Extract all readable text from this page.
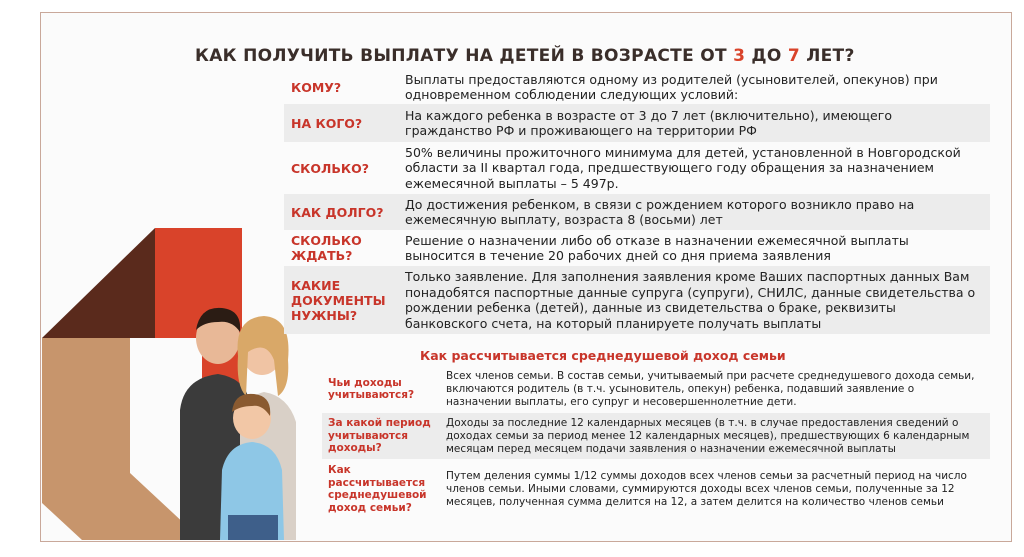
КАК ПОЛУЧИТЬ ВЫПЛАТУ НА ДЕТЕЙ В ВОЗРАСТЕ ОТ 3 ДО 7 ЛЕТ?
КОМУ?
Выплаты предоставляются одному из родителей (усыновителей, опекунов) при одновременном соблюдении следующих условий:
НА КОГО?
На каждого ребенка в возрасте от 3 до 7 лет (включительно), имеющего гражданство РФ и проживающего на территории РФ
СКОЛЬКО?
50% величины прожиточного минимума для детей, установленной в Новгородской области за II квартал года, предшествующего году обращения за назначением ежемесячной выплаты – 5 497р.
КАК ДОЛГО?
До достижения ребенком, в связи с рождением которого возникло право на ежемесячную выплату, возраста 8 (восьми) лет
СКОЛЬКО ЖДАТЬ?
Решение о назначении либо об отказе в назначении ежемесячной выплаты выносится в течение 20 рабочих дней со дня приема заявления
КАКИЕ ДОКУМЕНТЫ НУЖНЫ?
Только заявление. Для заполнения заявления кроме Ваших паспортных данных Вам понадобятся паспортные данные супруга (супруги), СНИЛС, данные свидетельства о рождении ребенка (детей), данные из свидетельства о браке, реквизиты банковского счета, на который планируете получать выплаты
Как рассчитывается среднедушевой доход семьи
Чьи доходы учитываются?
Всех членов семьи. В состав семьи, учитываемый при расчете среднедушевого дохода семьи, включаются родитель (в т.ч. усыновитель, опекун) ребенка, подавший заявление о назначении выплаты, его супруг и несовершеннолетние дети.
За какой период учитываются доходы?
Доходы за последние 12 календарных месяцев (в т.ч. в случае предоставления сведений о доходах семьи за период менее 12 календарных месяцев), предшествующих 6 календарным месяцам перед месяцем подачи заявления о назначении ежемесячной выплаты
Как рассчитывается среднедушевой доход семьи?
Путем деления суммы 1/12 суммы доходов всех членов семьи за расчетный период на число членов семьи. Иными словами, суммируются доходы всех членов семьи, полученные за 12 месяцев, полученная сумма делится на 12, а затем делится на количество членов семьи
